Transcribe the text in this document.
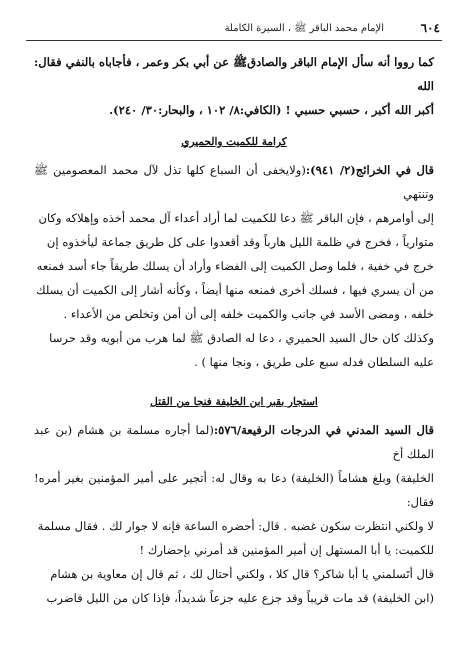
٦٠٤
الإمام محمد الباقر ﷺ ، السيرة الكاملة

كما رووا أنه سأل الإمام الباقر والصادقﷺ عن أبي بكر وعمر ، فأجاباه بالنفي فقال: الله

أكبر الله أكبر ، حسبي حسبي ! (الكافي:٨/ ١٠٢ ، والبحار:٣٠/ ٢٤٠).

كرامة للكميت والحميري

قال في الخرائج(٢/ ٩٤١):(ولايخفى أن السباع كلها تذل لآل محمد المعصومين ﷺ وتنتهي

إلى أوامرهم ، فإن الباقر ﷺ دعا للكميت لما أراد أعداء آل محمد أخذه وإهلاكه وكان

متوارياً ، فخرج في ظلمة الليل هارباً وقد أقعدوا على كل طريق جماعة ليأخذوه إن

خرج في خفية ، فلما وصل الكميت إلى الفضاء وأراد أن يسلك طريقاً جاء أسد فمنعه

من أن يسري فيها ، فسلك أخرى فمنعه منها أيضاً ، وكأنه أشار إلى الكميت أن يسلك

خلفه ، ومضى الأسد في جانب والكميت خلفه إلى أن أمن وتخلص من الأعداء .

وكذلك كان حال السيد الحميري ، دعا له الصادق ﷺ لما هرب من أبويه وقد حرسا

عليه السلطان فدله سبع على طريق ، ونجا منها ) .

استجار بقبر ابن الخليفة فنجا من القتل

قال السيد المدني في الدرجات الرفيعة/٥٧٦:(لما أجاره مسلمة بن هشام (بن عبد الملك أخ

الخليفة) وبلغ هشاماً (الخليفة) دعا به وقال له: أتجير على أمير المؤمنين بغير أمره! فقال:

لا ولكني انتظرت سكون غضبه . قال: أحضره الساعة فإنه لا جوار لك . فقال مسلمة

للكميت: يا أبا المستهل إن أمير المؤمنين قد أمرني بإحضارك !

قال أتَسلمني يا أبا شاكر؟ قال كلا ، ولكني أحتال لك ، ثم قال إن معاوية بن هشام

(ابن الخليفة) قد مات قريباً وقد جزع عليه جزعاً شديداً، فإذا كان من الليل فاضرب
